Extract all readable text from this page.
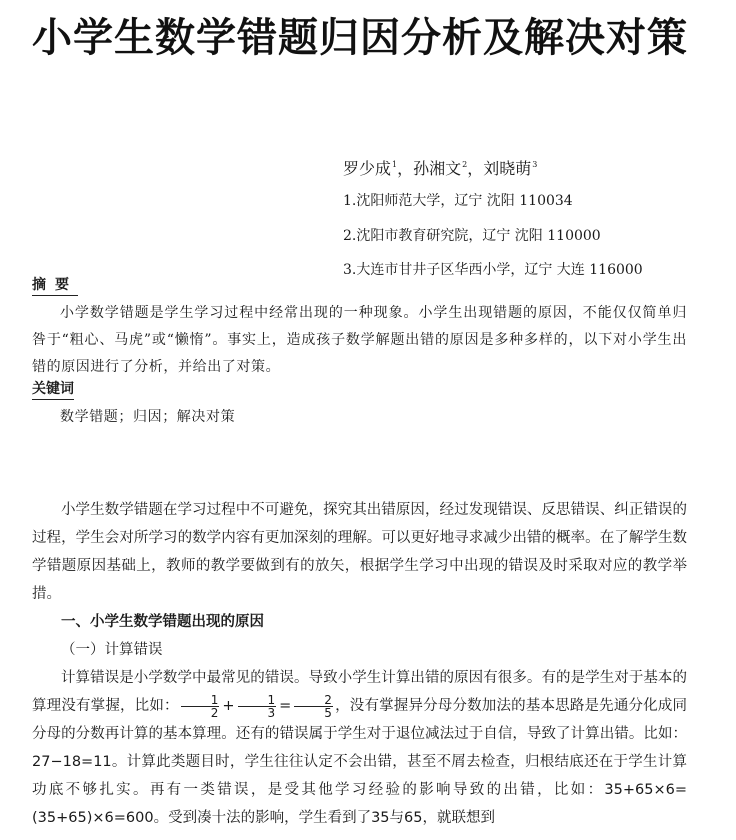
小学生数学错题归因分析及解决对策
罗少成$^1$，孙湘文$^2$，刘晓萌$^3$
1.沈阳师范大学，辽宁 沈阳 110034
2.沈阳市教育研究院，辽宁 沈阳 110000
3.大连市甘井子区华西小学，辽宁 大连 116000
摘要
小学数学错题是学生学习过程中经常出现的一种现象。小学生出现错题的原因，不能仅仅简单归咎于“粗心、马虎”或“懒惰”。事实上，造成孩子数学解题出错的原因是多种多样的，以下对小学生出错的原因进行了分析，并给出了对策。
关键词
数学错题；归因；解决对策

小学生数学错题在学习过程中不可避免，探究其出错原因，经过发现错误、反思错误、纠正错误的过程，学生会对所学习的数学内容有更加深刻的理解。可以更好地寻求减少出错的概率。在了解学生数学错题原因基础上，教师的教学要做到有的放矢，根据学生学习中出现的错误及时采取对应的教学举措。

一、小学生数学错题出现的原因

（一）计算错误

计算错误是小学数学中最常见的错误。导致小学生计算出错的原因有很多。有的是学生对于基本的算理没有掌握，比如： $\frac{1}{2} + \frac{1}{3} = \frac{2}{5}$ ，没有掌握异分母分数加法的基本思路是先通分化成同分母的分数再计算的基本算理。还有的错误属于学生对于退位减法过于自信，导致了计算出错。比如：27−18=11。计算此类题目时，学生往往认定不会出错，甚至不屑去检查，归根结底还在于学生计算功底不够扎实。再有一类错误，是受其他学习经验的影响导致的出错，比如：35+65×6=(35+65)×6=600。受到凑十法的影响，学生看到了35与65，就联想到
